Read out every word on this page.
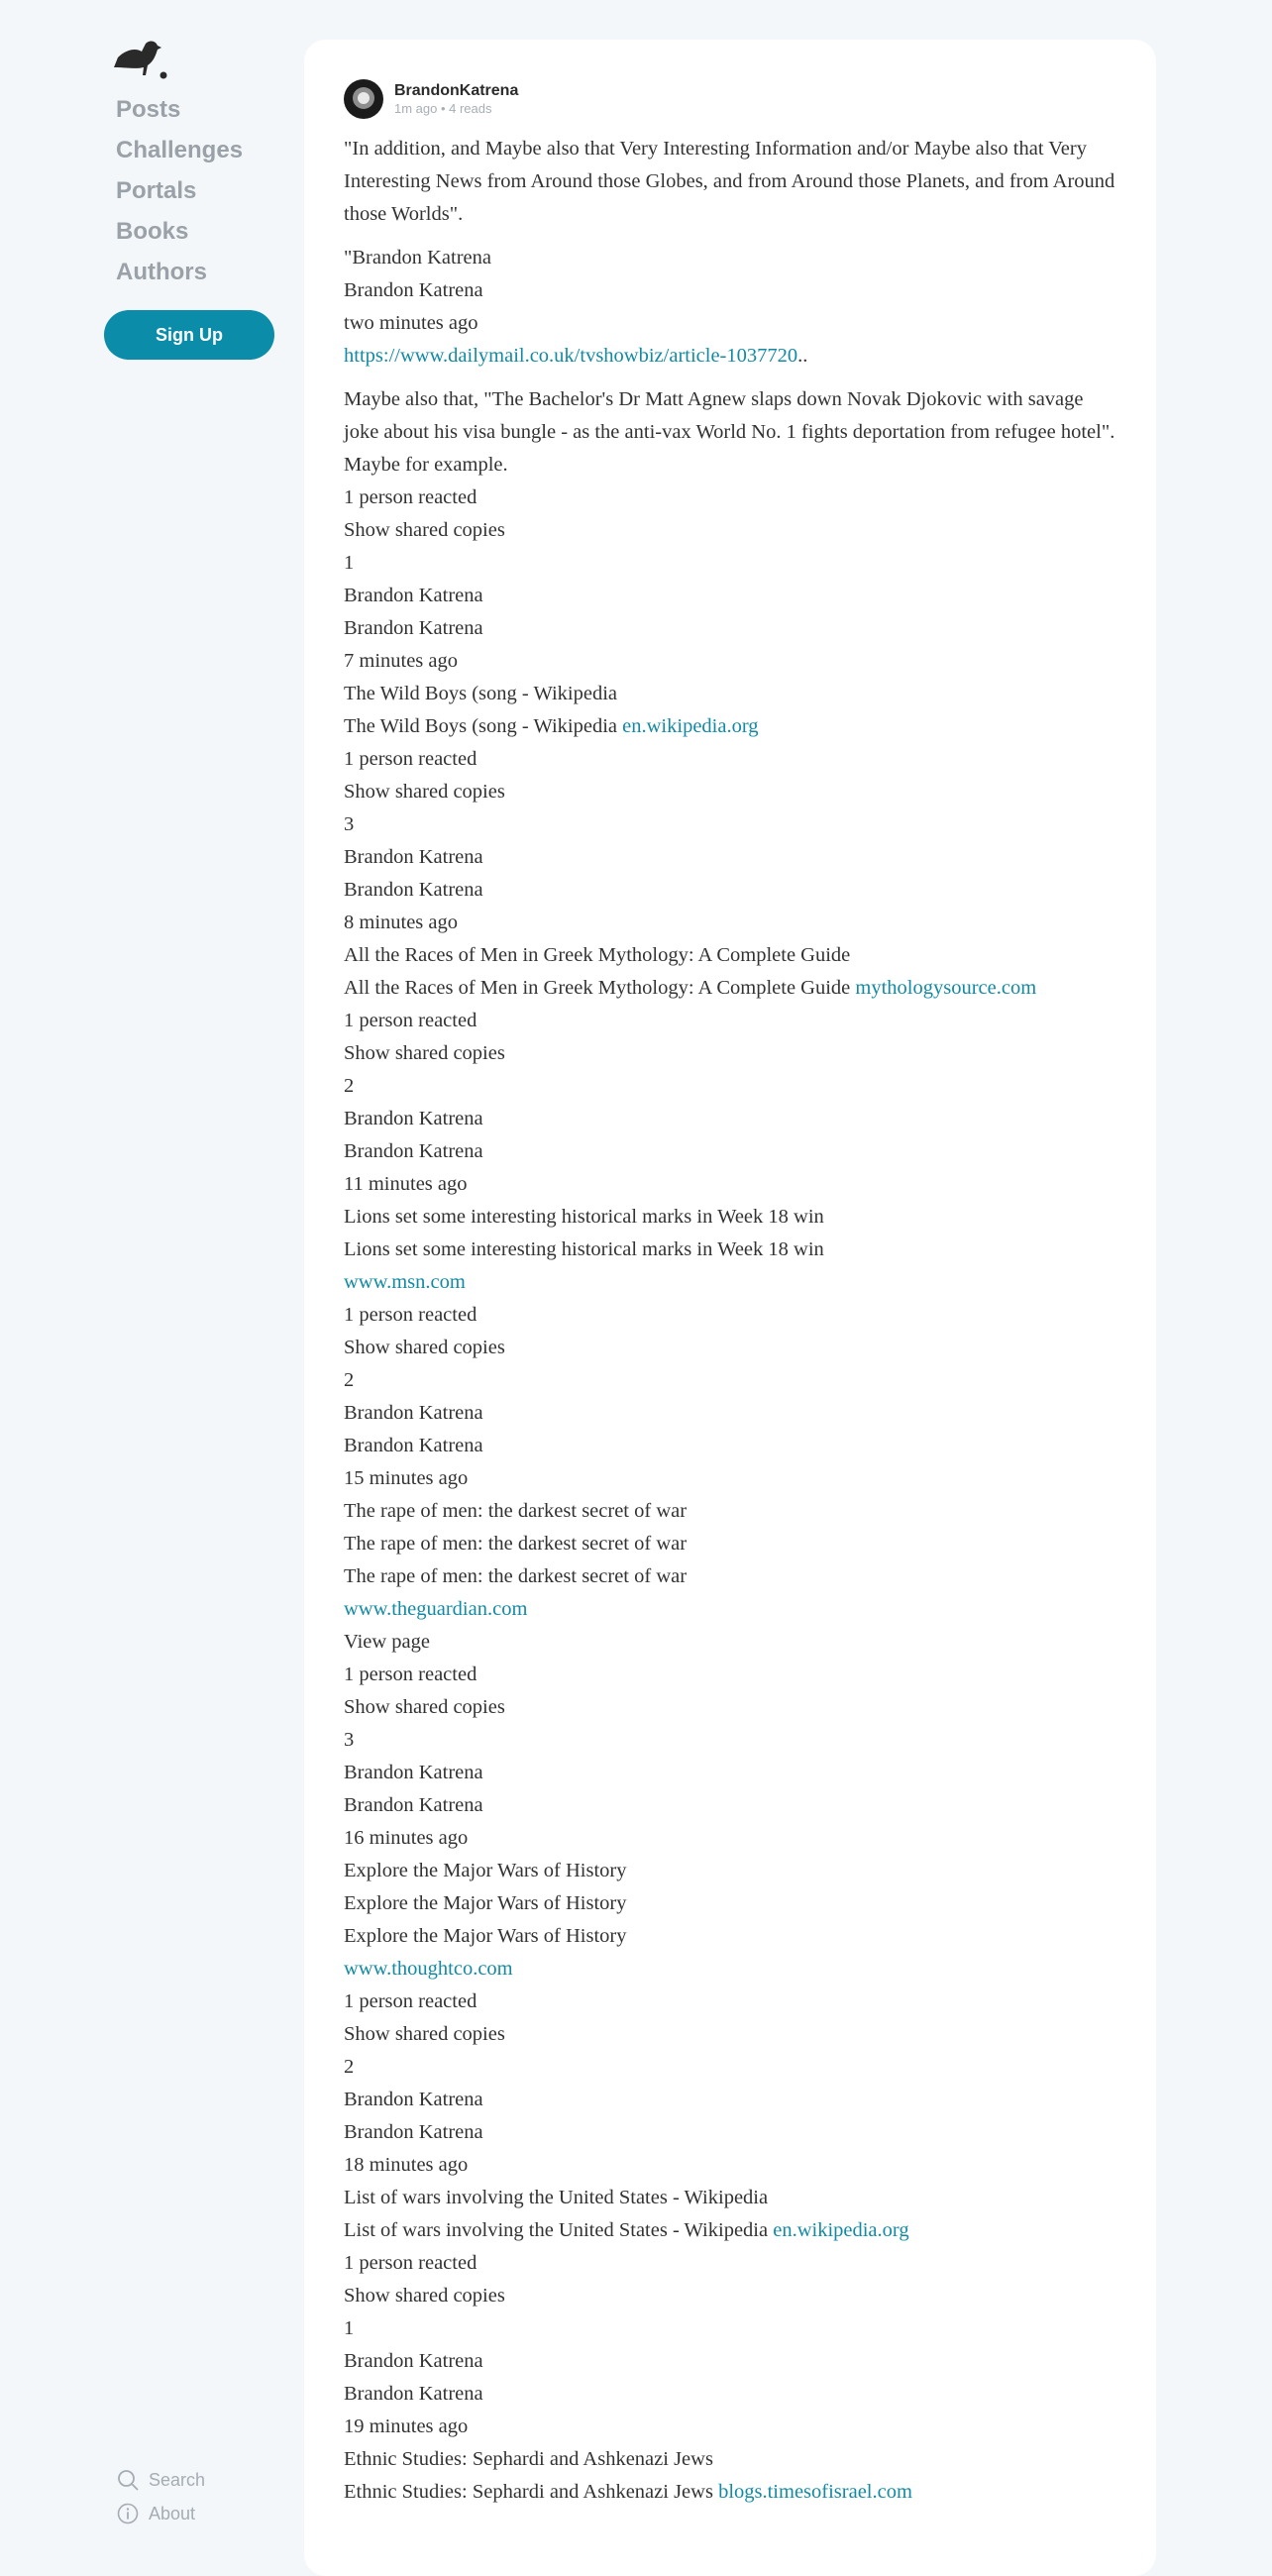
Posts
Challenges
Portals
Books
Authors
Sign Up
Search
About
BrandonKatrena
1m ago • 4 reads

"In addition, and Maybe also that Very Interesting Information and/or Maybe also that Very Interesting News from Around those Globes, and from Around those Planets, and from Around those Worlds".

"Brandon Katrena

Brandon Katrena

two minutes ago

https://www.dailymail.co.uk/tvshowbiz/article-1037720..

Maybe also that, "The Bachelor's Dr Matt Agnew slaps down Novak Djokovic with savage joke about his visa bungle - as the anti-vax World No. 1 fights deportation from refugee hotel". Maybe for example.

1 person reacted

Show shared copies

1

Brandon Katrena

Brandon Katrena

7 minutes ago

The Wild Boys (song - Wikipedia

The Wild Boys (song - Wikipedia en.wikipedia.org

1 person reacted

Show shared copies

3

Brandon Katrena

Brandon Katrena

8 minutes ago

All the Races of Men in Greek Mythology: A Complete Guide

All the Races of Men in Greek Mythology: A Complete Guide mythologysource.com

1 person reacted

Show shared copies

2

Brandon Katrena

Brandon Katrena

11 minutes ago

Lions set some interesting historical marks in Week 18 win

Lions set some interesting historical marks in Week 18 win

www.msn.com

1 person reacted

Show shared copies

2

Brandon Katrena

Brandon Katrena

15 minutes ago

The rape of men: the darkest secret of war

The rape of men: the darkest secret of war

The rape of men: the darkest secret of war

www.theguardian.com

View page

1 person reacted

Show shared copies

3

Brandon Katrena

Brandon Katrena

16 minutes ago

Explore the Major Wars of History

Explore the Major Wars of History

Explore the Major Wars of History

www.thoughtco.com

1 person reacted

Show shared copies

2

Brandon Katrena

Brandon Katrena

18 minutes ago

List of wars involving the United States - Wikipedia

List of wars involving the United States - Wikipedia en.wikipedia.org

1 person reacted

Show shared copies

1

Brandon Katrena

Brandon Katrena

19 minutes ago

Ethnic Studies: Sephardi and Ashkenazi Jews

Ethnic Studies: Sephardi and Ashkenazi Jews blogs.timesofisrael.com
